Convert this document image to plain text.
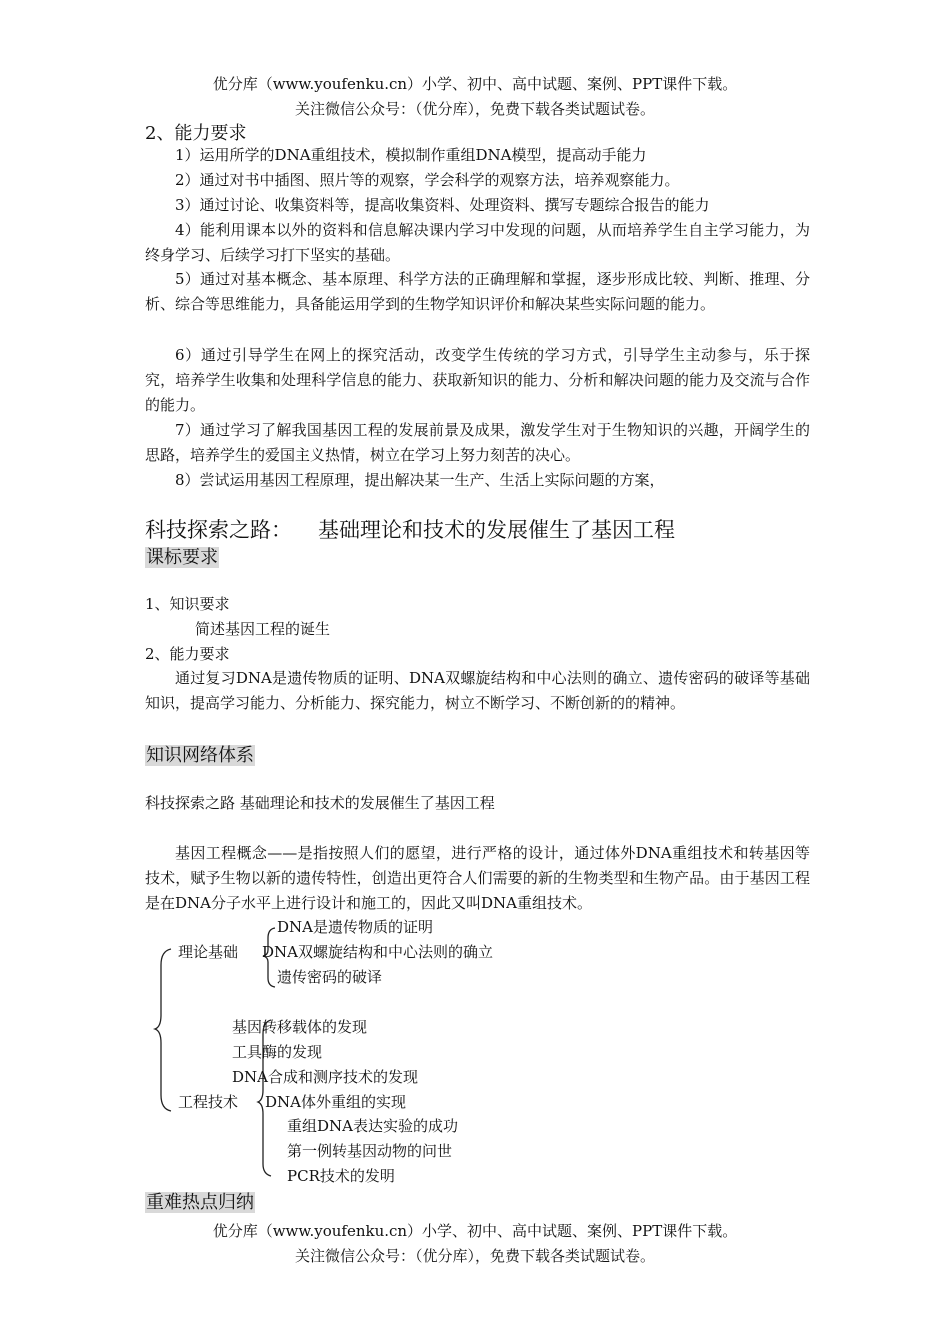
优分库（www.youfenku.cn）小学、初中、高中试题、案例、PPT课件下载。
关注微信公众号：（优分库），免费下载各类试题试卷。
2、能力要求
1）运用所学的DNA重组技术，模拟制作重组DNA模型，提高动手能力
2）通过对书中插图、照片等的观察，学会科学的观察方法，培养观察能力。
3）通过讨论、收集资料等，提高收集资料、处理资料、撰写专题综合报告的能力
4）能利用课本以外的资料和信息解决课内学习中发现的问题，从而培养学生自主学习能力，为终身学习、后续学习打下坚实的基础。
5）通过对基本概念、基本原理、科学方法的正确理解和掌握，逐步形成比较、判断、推理、分析、综合等思维能力，具备能运用学到的生物学知识评价和解决某些实际问题的能力。
6）通过引导学生在网上的探究活动，改变学生传统的学习方式，引导学生主动参与，乐于探究，培养学生收集和处理科学信息的能力、获取新知识的能力、分析和解决问题的能力及交流与合作的能力。
7）通过学习了解我国基因工程的发展前景及成果，激发学生对于生物知识的兴趣，开阔学生的思路，培养学生的爱国主义热情，树立在学习上努力刻苦的决心。
8）尝试运用基因工程原理，提出解决某一生产、生活上实际问题的方案，
科技探索之路： 基础理论和技术的发展催生了基因工程
课标要求
1、知识要求
简述基因工程的诞生
2、能力要求
通过复习DNA是遗传物质的证明、DNA双螺旋结构和中心法则的确立、遗传密码的破译等基础知识，提高学习能力、分析能力、探究能力，树立不断学习、不断创新的的精神。
知识网络体系
科技探索之路 基础理论和技术的发展催生了基因工程
基因工程概念——是指按照人们的愿望，进行严格的设计，通过体外DNA重组技术和转基因等技术，赋予生物以新的遗传特性，创造出更符合人们需要的新的生物类型和生物产品。由于基因工程是在DNA分子水平上进行设计和施工的，因此又叫DNA重组技术。
理论基础
DNA是遗传物质的证明
DNA双螺旋结构和中心法则的确立
遗传密码的破译
基因转移载体的发现
工具酶的发现
DNA合成和测序技术的发现
工程技术 DNA体外重组的实现
重组DNA表达实验的成功
第一例转基因动物的问世
PCR技术的发明
重难热点归纳
优分库（www.youfenku.cn）小学、初中、高中试题、案例、PPT课件下载。
关注微信公众号：（优分库），免费下载各类试题试卷。
